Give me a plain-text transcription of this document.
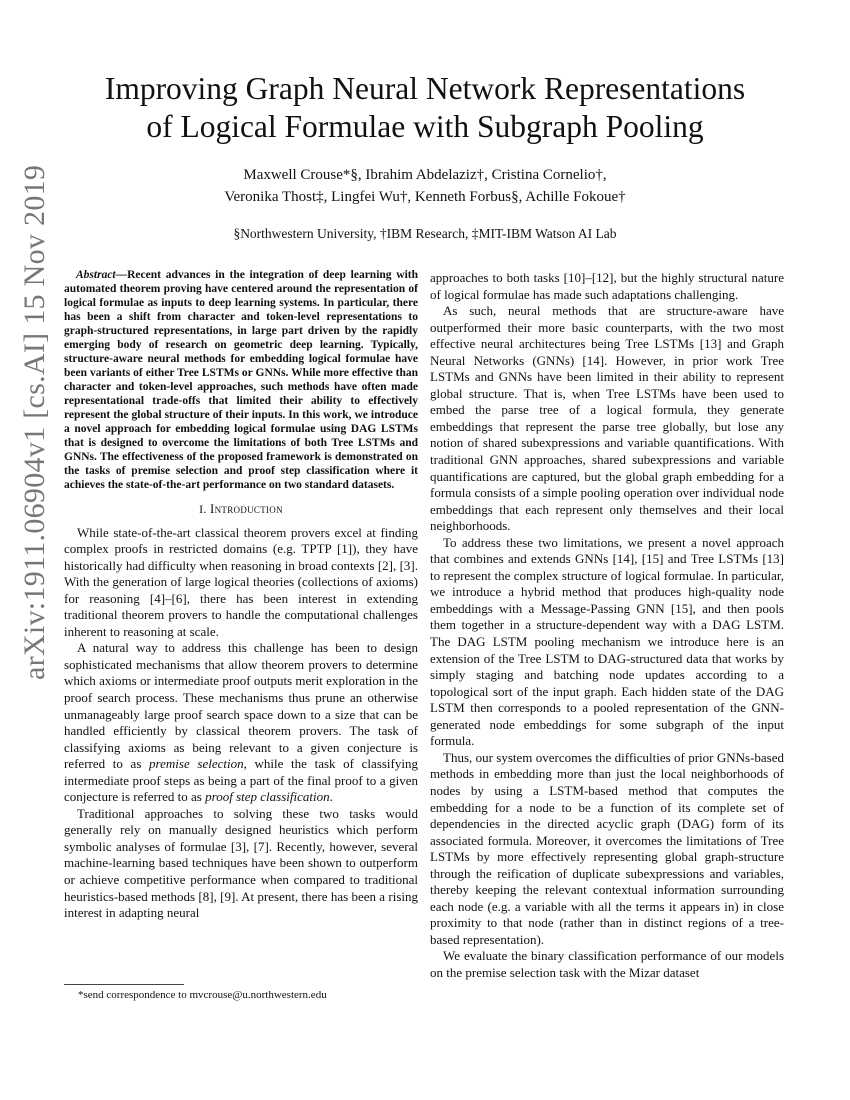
arXiv:1911.06904v1 [cs.AI] 15 Nov 2019
Improving Graph Neural Network Representations
of Logical Formulae with Subgraph Pooling
Maxwell Crouse*§, Ibrahim Abdelaziz†, Cristina Cornelio†,
Veronika Thost‡, Lingfei Wu†, Kenneth Forbus§, Achille Fokoue†
§Northwestern University, †IBM Research, ‡MIT-IBM Watson AI Lab

Abstract—Recent advances in the integration of deep learning with automated theorem proving have centered around the representation of logical formulae as inputs to deep learning systems. In particular, there has been a shift from character and token-level representations to graph-structured representations, in large part driven by the rapidly emerging body of research on geometric deep learning. Typically, structure-aware neural methods for embedding logical formulae have been variants of either Tree LSTMs or GNNs. While more effective than character and token-level approaches, such methods have often made representational trade-offs that limited their ability to effectively represent the global structure of their inputs. In this work, we introduce a novel approach for embedding logical formulae using DAG LSTMs that is designed to overcome the limitations of both Tree LSTMs and GNNs. The effectiveness of the proposed framework is demonstrated on the tasks of premise selection and proof step classification where it achieves the state-of-the-art performance on two standard datasets.

I. Introduction

While state-of-the-art classical theorem provers excel at finding complex proofs in restricted domains (e.g. TPTP [1]), they have historically had difficulty when reasoning in broad contexts [2], [3]. With the generation of large logical theories (collections of axioms) for reasoning [4]–[6], there has been interest in extending traditional theorem provers to handle the computational challenges inherent to reasoning at scale.

A natural way to address this challenge has been to design sophisticated mechanisms that allow theorem provers to determine which axioms or intermediate proof outputs merit exploration in the proof search process. These mechanisms thus prune an otherwise unmanageably large proof search space down to a size that can be handled efficiently by classical theorem provers. The task of classifying axioms as being relevant to a given conjecture is referred to as premise selection, while the task of classifying intermediate proof steps as being a part of the final proof to a given conjecture is referred to as proof step classification.

Traditional approaches to solving these two tasks would generally rely on manually designed heuristics which perform symbolic analyses of formulae [3], [7]. Recently, however, several machine-learning based techniques have been shown to outperform or achieve competitive performance when compared to traditional heuristics-based methods [8], [9]. At present, there has been a rising interest in adapting neural

approaches to both tasks [10]–[12], but the highly structural nature of logical formulae has made such adaptations challenging.

As such, neural methods that are structure-aware have outperformed their more basic counterparts, with the two most effective neural architectures being Tree LSTMs [13] and Graph Neural Networks (GNNs) [14]. However, in prior work Tree LSTMs and GNNs have been limited in their ability to represent global structure. That is, when Tree LSTMs have been used to embed the parse tree of a logical formula, they generate embeddings that represent the parse tree globally, but lose any notion of shared subexpressions and variable quantifications. With traditional GNN approaches, shared subexpressions and variable quantifications are captured, but the global graph embedding for a formula consists of a simple pooling operation over individual node embeddings that each represent only themselves and their local neighborhoods.

To address these two limitations, we present a novel approach that combines and extends GNNs [14], [15] and Tree LSTMs [13] to represent the complex structure of logical formulae. In particular, we introduce a hybrid method that produces high-quality node embeddings with a Message-Passing GNN [15], and then pools them together in a structure-dependent way with a DAG LSTM. The DAG LSTM pooling mechanism we introduce here is an extension of the Tree LSTM to DAG-structured data that works by simply staging and batching node updates according to a topological sort of the input graph. Each hidden state of the DAG LSTM then corresponds to a pooled representation of the GNN-generated node embeddings for some subgraph of the input formula.

Thus, our system overcomes the difficulties of prior GNNs-based methods in embedding more than just the local neighborhoods of nodes by using a LSTM-based method that computes the embedding for a node to be a function of its complete set of dependencies in the directed acyclic graph (DAG) form of its associated formula. Moreover, it overcomes the limitations of Tree LSTMs by more effectively representing global graph-structure through the reification of duplicate subexpressions and variables, thereby keeping the relevant contextual information surrounding each node (e.g. a variable with all the terms it appears in) in close proximity to that node (rather than in distinct regions of a tree-based representation).

We evaluate the binary classification performance of our models on the premise selection task with the Mizar dataset

*send correspondence to mvcrouse@u.northwestern.edu
